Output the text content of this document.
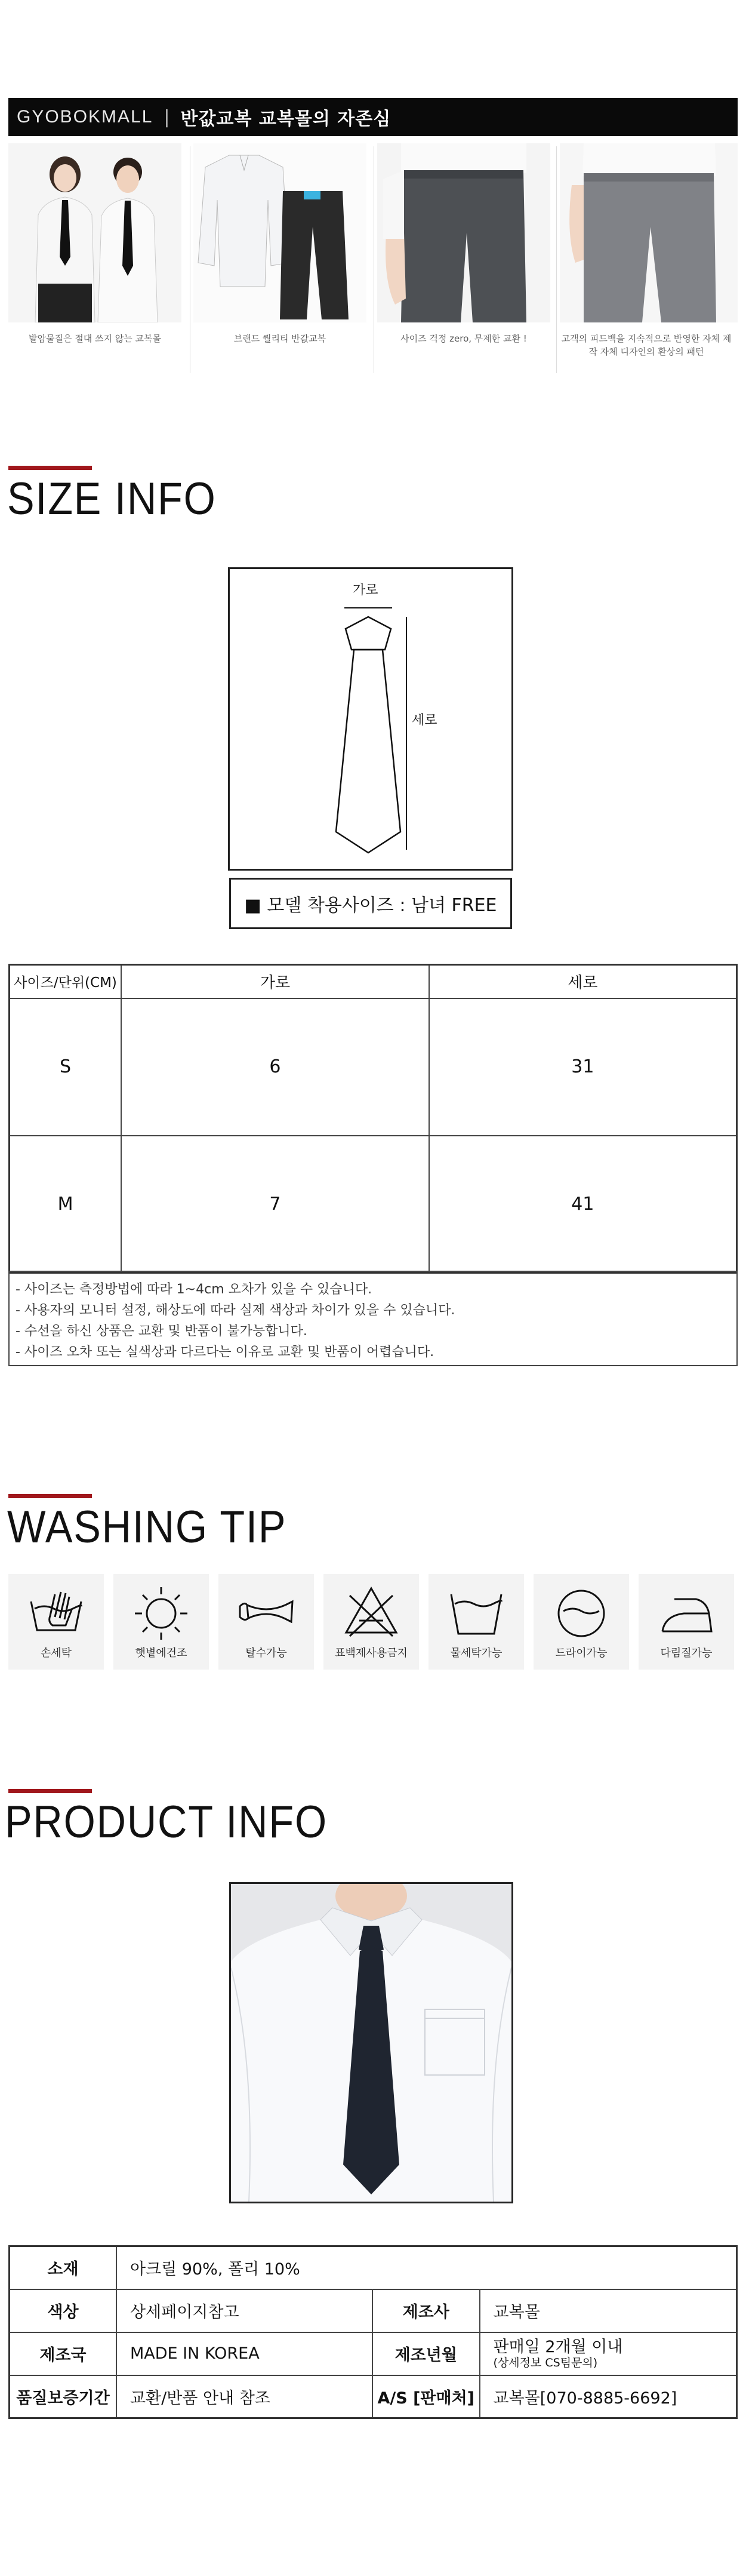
GYOBOKMALL | 반값교복 교복몰의 자존심
발암물질은 절대 쓰지 않는 교복몰	브랜드 퀄리티 반값교복	사이즈 걱정 zero, 무제한 교환 !	고객의 피드백을 지속적으로 반영한 자체 제작 자체 디자인의 환상의 패턴
SIZE INFO
가로
세로
■ 모델 착용사이즈 : 남녀 FREE
사이즈/단위(CM)	가로	세로
S	6	31
M	7	41
- 사이즈는 측정방법에 따라 1~4cm 오차가 있을 수 있습니다.
- 사용자의 모니터 설정, 해상도에 따라 실제 색상과 차이가 있을 수 있습니다.
- 수선을 하신 상품은 교환 및 반품이 불가능합니다.
- 사이즈 오차 또는 실색상과 다르다는 이유로 교환 및 반품이 어렵습니다.
WASHING TIP
손세탁	햇볕에건조	탈수가능	표백제사용금지	물세탁가능	드라이가능	다림질가능
PRODUCT INFO
소재	아크릴 90%, 폴리 10%		
색상	상세페이지참고	제조사	교복몰
제조국	MADE IN KOREA	제조년월	판매일 2개월 이내
(상세정보 CS팀문의)

품질보증기간	교환/반품 안내 참조	A/S [판매처]	교복몰[070-8885-6692]
